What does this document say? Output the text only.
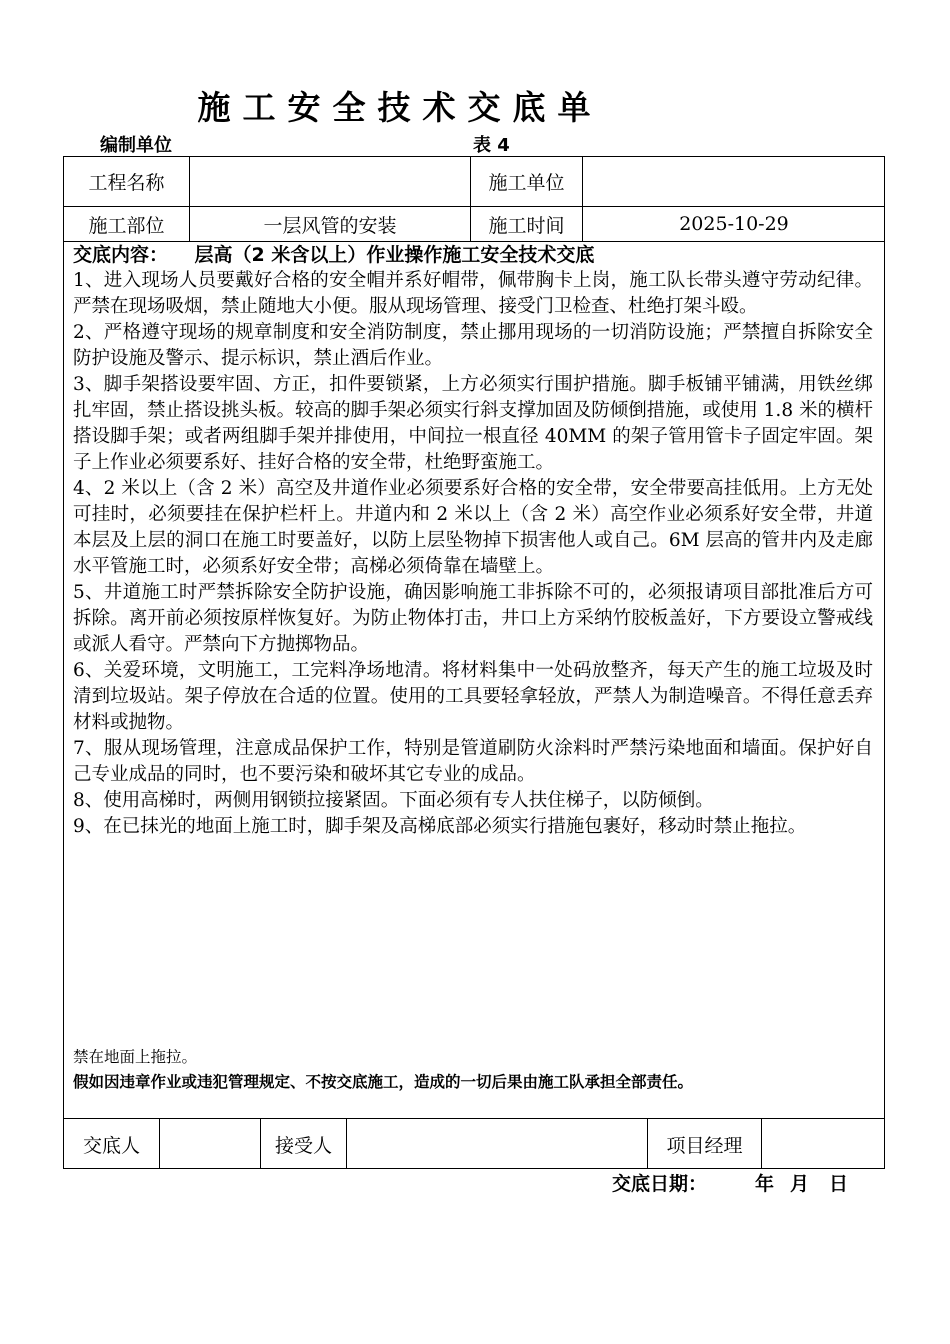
施工安全技术交底单
编制单位	表 4
工程名称	施工单位
施工部位	一层风管的安装	施工时间	2025-10-29
交底内容： 层高（2 米含以上）作业操作施工安全技术交底
1、进入现场人员要戴好合格的安全帽并系好帽带，佩带胸卡上岗，施工队长带头遵守劳动纪律。严禁在现场吸烟，禁止随地大小便。服从现场管理、接受门卫检查、杜绝打架斗殴。
2、严格遵守现场的规章制度和安全消防制度，禁止挪用现场的一切消防设施；严禁擅自拆除安全防护设施及警示、提示标识，禁止酒后作业。
3、脚手架搭设要牢固、方正，扣件要锁紧，上方必须实行围护措施。脚手板铺平铺满，用铁丝绑扎牢固，禁止搭设挑头板。较高的脚手架必须实行斜支撑加固及防倾倒措施，或使用 1.8 米的横杆搭设脚手架；或者两组脚手架并排使用，中间拉一根直径 40MM 的架子管用管卡子固定牢固。架子上作业必须要系好、挂好合格的安全带，杜绝野蛮施工。
4、2 米以上（含 2 米）高空及井道作业必须要系好合格的安全带，安全带要高挂低用。上方无处可挂时，必须要挂在保护栏杆上。井道内和 2 米以上（含 2 米）高空作业必须系好安全带，井道本层及上层的洞口在施工时要盖好，以防上层坠物掉下损害他人或自己。6M 层高的管井内及走廊水平管施工时，必须系好安全带；高梯必须倚靠在墙壁上。
5、井道施工时严禁拆除安全防护设施，确因影响施工非拆除不可的，必须报请项目部批准后方可拆除。离开前必须按原样恢复好。为防止物体打击，井口上方采纳竹胶板盖好，下方要设立警戒线或派人看守。严禁向下方抛掷物品。
6、关爱环境，文明施工，工完料净场地清。将材料集中一处码放整齐，每天产生的施工垃圾及时清到垃圾站。架子停放在合适的位置。使用的工具要轻拿轻放，严禁人为制造噪音。不得任意丢弃材料或抛物。
7、服从现场管理，注意成品保护工作，特别是管道刷防火涂料时严禁污染地面和墙面。保护好自己专业成品的同时，也不要污染和破坏其它专业的成品。
8、使用高梯时，两侧用钢锁拉接紧固。下面必须有专人扶住梯子，以防倾倒。
9、在已抹光的地面上施工时，脚手架及高梯底部必须实行措施包裹好，移动时禁止拖拉。
禁在地面上拖拉。
假如因违章作业或违犯管理规定、不按交底施工，造成的一切后果由施工队承担全部责任。
交底人	接受人	项目经理
交底日期：	年 月 日
